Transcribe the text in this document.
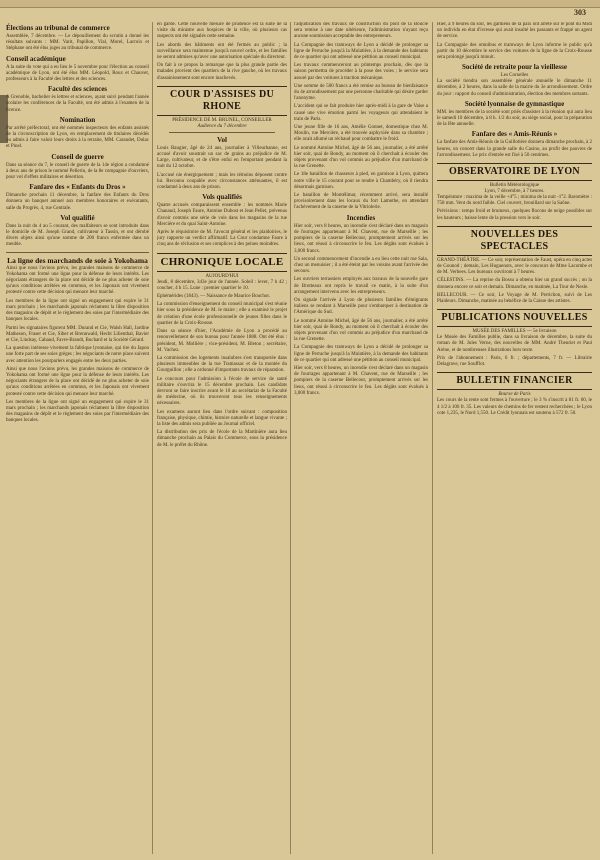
303
Élections au tribunal de commerce
Assemblée, 7 décembre. — Le dépouillement du scrutin a donné les résultats suivants : MM. Varit, Papillon, Vial, Morel, Lacroix et Stéphane ont été élus juges au tribunal de commerce.
Conseil académique
A la suite du vote qui a eu lieu le 5 novembre pour l'élection au conseil académique de Lyon, ont été élus MM. Léopold, Roux et Chauvet, professeurs à la Faculté des lettres et des sciences.
Faculté des sciences
A Grenoble, bachelier ès lettres et sciences, ayant suivi pendant l'année scolaire les conférences de la Faculté, ont été admis à l'examen de la licence.
Nomination
Par arrêté préfectoral, ont été nommés inspecteurs des enfants assistés de la circonscription de Lyon, en remplacement de titulaires décédés ou admis à faire valoir leurs droits à la retraite, MM. Carandet, Dulac et Pinel.
Conseil de guerre
Dans sa séance du 7, le conseil de guerre de la 14e région a condamné à deux ans de prison le nommé Pellerin, de la 8e compagnie d'ouvriers, pour vol d'effets militaires et désertion.
Fanfare des « Enfants du Dros »
Dimanche prochain 11 décembre, la fanfare des Enfants du Dros donnera un banquet annuel aux membres honoraires et exécutants, salle du Progrès, 4, rue Centrale.
Vol qualifié
Dans la nuit du 4 au 5 courant, des malfaiteurs se sont introduits dans le domicile de M. Joseph Grand, cultivateur à Tassin, et ont dérobé divers objets ainsi qu'une somme de 200 francs enfermée dans un meuble.
La ligne des marchands de soie à Yokohama
Ainsi que nous l'avions prévu, les grandes maisons de commerce de Yokohama ont formé une ligue pour la défense de leurs intérêts. Les négociants étrangers de la place ont décidé de ne plus acheter de soie qu'aux conditions arrêtées en commun, et les Japonais ont vivement protesté contre cette décision qui menace leur marché.
Les membres de la ligue ont signé un engagement qui expire le 31 mars prochain ; les marchands japonais réclament la libre disposition des magasins de dépôt et le règlement des soies par l'intermédiaire des banques locales.
Parmi les signataires figurent MM. Durand et Cie, Walsh Hall, Jardine Matheson, Fraser et Cie, Siber et Brennwald, Hecht Lilienthal, Bavier et Cie, Lindsay, Cabaud, Favre-Brandt, Buchard et la Société Gérard.
La question intéresse vivement la fabrique lyonnaise, qui tire du Japon une forte part de ses soies grèges ; les négociants de notre place suivent avec attention les pourparlers engagés entre les deux parties.
Ainsi que nous l'avions prévu, les grandes maisons de commerce de Yokohama ont formé une ligue pour la défense de leurs intérêts. Les négociants étrangers de la place ont décidé de ne plus acheter de soie qu'aux conditions arrêtées en commun, et les Japonais ont vivement protesté contre cette décision qui menace leur marché.
Les membres de la ligue ont signé un engagement qui expire le 31 mars prochain ; les marchands japonais réclament la libre disposition des magasins de dépôt et le règlement des soies par l'intermédiaire des banques locales.
en garde. Cette nouvelle mesure de prudence est la suite de la visite du ministre aux hospices de la ville, où plusieurs cas suspects ont été signalés cette semaine.
Les abords des bâtiments ont été fermés au public ; la surveillance sera maintenue jusqu'à nouvel ordre, et les familles ne seront admises qu'avec une autorisation spéciale du directeur.
On fait à ce propos la remarque que la plus grande partie des malades provient des quartiers de la rive gauche, où les travaux d'assainissement sont encore inachevés.
COUR D'ASSISES DU RHONE
PRÉSIDENCE DE M. BRUNEL, CONSEILLER
Audience du 7 décembre
Vol
Louis Baugier, âgé de 24 ans, journalier à Villeurbanne, est accusé d'avoir soustrait un sac de grains au préjudice de M. Large, cultivateur, et de s'être enfui en l'emportant pendant la nuit du 12 octobre.
L'accusé nie énergiquement ; mais les témoins déposent contre lui. Reconnu coupable avec circonstances atténuantes, il est condamné à deux ans de prison.
Vols qualifiés
Quatre accusés comparaissent ensemble : les nommés Marie Chanaud, Joseph Faure, Antoine Dubost et Jean Pellet, prévenus d'avoir commis une série de vols dans les magasins de la rue Mercière et du quai Saint-Antoine.
Après le réquisitoire de M. l'avocat général et les plaidoiries, le jury rapporte un verdict affirmatif. La Cour condamne Faure à cinq ans de réclusion et ses complices à des peines moindres.
CHRONIQUE LOCALE
AUJOURD'HUI
Jeudi, 8 décembre, 343e jour de l'année. Soleil : lever, 7 h 42 ; coucher, 4 h 15. Lune : premier quartier le 10.
Ephémérides (1843). — Naissance de Maurice Bouchor.
La commission d'enseignement du conseil municipal s'est réunie hier sous la présidence de M. le maire ; elle a examiné le projet de création d'une école professionnelle de jeunes filles dans le quartier de la Croix-Rousse.
Dans sa séance d'hier, l'Académie de Lyon a procédé au renouvellement de son bureau pour l'année 1888. Ont été élus : président, M. Mollière ; vice-président, M. Bleton ; secrétaire, M. Vachez.
La commission des logements insalubres s'est transportée dans plusieurs immeubles de la rue Tramassac et de la montée du Gourguillon ; elle a ordonné d'importants travaux de réparation.
Le concours pour l'admission à l'école de service de santé militaire s'ouvrira le 15 décembre prochain. Les candidats devront se faire inscrire avant le 10 au secrétariat de la Faculté de médecine, où ils trouveront tous les renseignements nécessaires.
Les examens auront lieu dans l'ordre suivant : composition française, physique, chimie, histoire naturelle et langue vivante ; la liste des admis sera publiée au Journal officiel.
La distribution des prix de l'école de la Martinière aura lieu dimanche prochain au Palais du Commerce, sous la présidence de M. le préfet du Rhône.
l'adjudication des travaux de construction du pont de la Boucle sera remise à une date ultérieure, l'administration n'ayant reçu aucune soumission acceptable des entrepreneurs.
La Compagnie des tramways de Lyon a décidé de prolonger sa ligne de Perrache jusqu'à la Mulatière, à la demande des habitants de ce quartier qui ont adressé une pétition au conseil municipal.
Les travaux commenceront au printemps prochain, dès que la saison permettra de procéder à la pose des voies ; le service sera assuré par des voitures à traction mécanique.
Une somme de 500 francs a été remise au bureau de bienfaisance du 4e arrondissement par une personne charitable qui désire garder l'anonyme.
L'accident qui se fait produire hier après-midi à la gare de Vaise a causé une vive émotion parmi les voyageurs qui attendaient le train de Paris.
Une jeune fille de 16 ans, Amélie Gonnet, domestique chez M. Moulin, rue Mercière, a été trouvée asphyxiée dans sa chambre ; elle avait allumé un réchaud pour combattre le froid.
Le nommé Antoine Michel, âgé de 56 ans, journalier, a été arrêté hier soir, quai de Bondy, au moment où il cherchait à écouler des objets provenant d'un vol commis au préjudice d'un marchand de la rue Grenette.
Le 18e bataillon de chasseurs à pied, en garnison à Lyon, quittera notre ville le 15 courant pour se rendre à Chambéry, où il tiendra désormais garnison.
Le bataillon de Montélimar, récemment arrivé, sera installé provisoirement dans les locaux du fort Lamothe, en attendant l'achèvement de la caserne de la Vitriolerie.
Incendies
Hier soir, vers 8 heures, un incendie s'est déclaré dans un magasin de fourrages appartenant à M. Chavent, rue de Marseille ; les pompiers de la caserne Bellecour, promptement arrivés sur les lieux, ont réussi à circonscrire le feu. Les dégâts sont évalués à 3,000 francs.
Un second commencement d'incendie a eu lieu cette nuit rue Sala, chez un menuisier ; il a été éteint par les voisins avant l'arrivée des secours.
Les ouvriers terrassiers employés aux travaux de la nouvelle gare de Brotteaux ont repris le travail ce matin, à la suite d'un arrangement intervenu avec les entrepreneurs.
On signale l'arrivée à Lyon de plusieurs familles d'émigrants italiens se rendant à Marseille pour s'embarquer à destination de l'Amérique du Sud.
Le nommé Antoine Michel, âgé de 56 ans, journalier, a été arrêté hier soir, quai de Bondy, au moment où il cherchait à écouler des objets provenant d'un vol commis au préjudice d'un marchand de la rue Grenette.
La Compagnie des tramways de Lyon a décidé de prolonger sa ligne de Perrache jusqu'à la Mulatière, à la demande des habitants de ce quartier qui ont adressé une pétition au conseil municipal.
Hier soir, vers 8 heures, un incendie s'est déclaré dans un magasin de fourrages appartenant à M. Chavent, rue de Marseille ; les pompiers de la caserne Bellecour, promptement arrivés sur les lieux, ont réussi à circonscrire le feu. Les dégâts sont évalués à 3,000 francs.
Hier, à 9 heures du soir, les gardiens de la paix ont arrêté sur le pont du Midi un individu en état d'ivresse qui avait insulté les passants et frappé un agent de service.
La Compagnie des omnibus et tramways de Lyon informe le public qu'à partir du 10 décembre le service des voitures de la ligne de la Croix-Rousse sera prolongé jusqu'à minuit.
Société de retraite pour la vieillesse
Les Cornelles
La société tiendra son assemblée générale annuelle le dimanche 11 décembre, à 2 heures, dans la salle de la mairie du 3e arrondissement. Ordre du jour : rapport du conseil d'administration, élection des membres sortants.
Société lyonnaise de gymnastique
MM. les membres de la société sont priés d'assister à la réunion qui aura lieu le samedi 10 décembre, à 8 h. 1/2 du soir, au siège social, pour la préparation de la fête annuelle.
Fanfare des « Amis-Réunis »
La fanfare des Amis-Réunis de la Guillotière donnera dimanche prochain, à 2 heures, un concert dans la grande salle du Casino, au profit des pauvres de l'arrondissement. Le prix d'entrée est fixé à 50 centimes.
OBSERVATOIRE DE LYON
Bulletin Météorologique
Lyon, 7 décembre, à 7 heures.
Température : maxima de la veille +4°5 ; minima de la nuit -1°2. Baromètre : 758 mm. Vent du nord faible. Ciel couvert, brouillard sur la Saône.
Prévisions : temps froid et brumeux, quelques flocons de neige possibles sur les hauteurs ; baisse lente de la pression vers le soir.
NOUVELLES DES SPECTACLES
GRAND-THÉÂTRE. — Ce soir, représentation de Faust, opéra en cinq actes de Gounod ; demain, Les Huguenots, avec le concours de Mme Lacombe et de M. Verhees. Les bureaux ouvriront à 7 heures.
CÉLESTINS. — La reprise du Bossu a obtenu hier un grand succès ; on la donnera encore ce soir et demain. Dimanche, en matinée, La Tour de Nesle.
BELLECOUR. — Ce soir, Le Voyage de M. Perrichon, suivi de Les Plaideurs. Dimanche, matinée au bénéfice de la Caisse des artistes.
PUBLICATIONS NOUVELLES
MUSÉE DES FAMILLES — 5e livraison
Le Musée des Familles publie, dans sa livraison de décembre, la suite du roman de M. Jules Verne, des nouvelles de MM. André Theuriet et Paul Arène, et de nombreuses illustrations hors texte.
Prix de l'abonnement : Paris, 6 fr. ; départements, 7 fr. — Librairie Delagrave, rue Soufflot.
BULLETIN FINANCIER
Bourse de Paris
Les cours de la rente sont fermes à l'ouverture ; le 3 % s'inscrit à 81 fr. 60, le 4 1/2 à 106 fr. 35. Les valeurs de chemins de fer restent recherchées ; le Lyon cote 1,235, le Nord 1,550. Le Crédit lyonnais est soutenu à 572 fr. 50.
